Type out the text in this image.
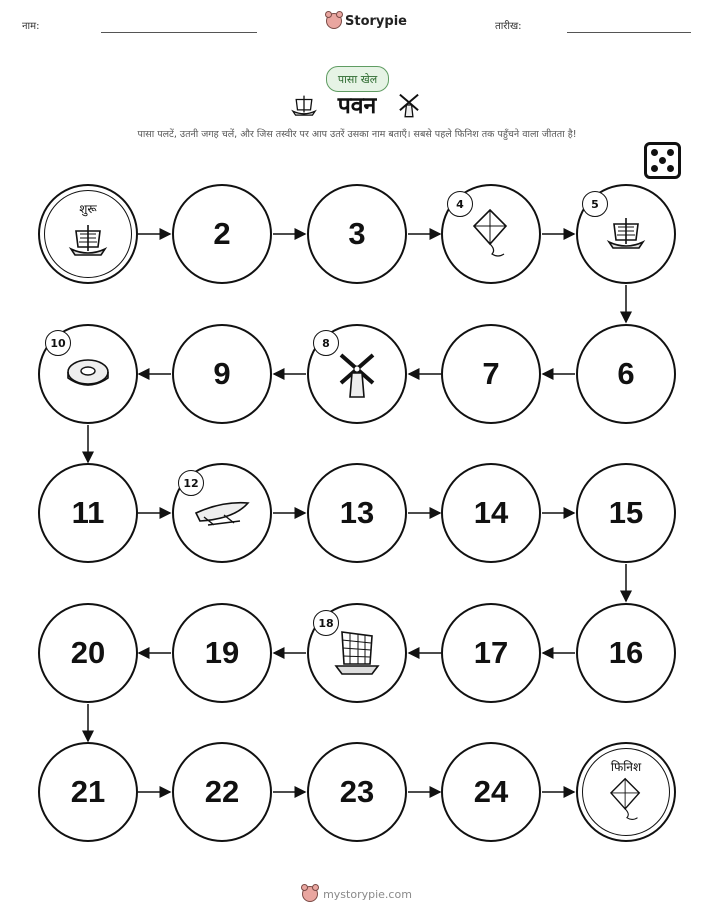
नाम:	Storypie	तारीख:
पासा खेल
पवन
पासा पलटें, उतनी जगह चलें, और जिस तस्वीर पर आप उतरें उसका नाम बताएँ। सबसे पहले फिनिश तक पहुँचने वाला जीतता है!
शुरू
2	3
4	5
10
9
8
7	6
11
12
13	14	15
20	19
18
17	16
21	22	23	24
फिनिश
mystorypie.com
